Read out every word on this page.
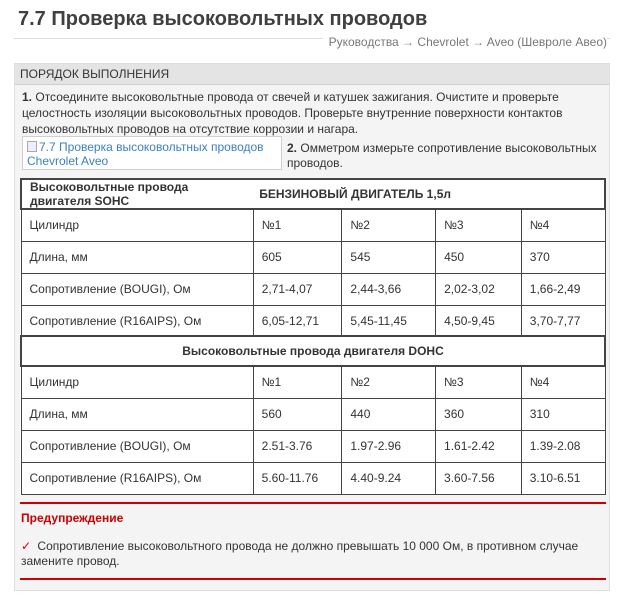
7.7 Проверка высоковольтных проводов
Руководства → Chevrolet → Aveo (Шевроле Авео)
ПОРЯДОК ВЫПОЛНЕНИЯ
1. Отсоедините высоковольтные провода от свечей и катушек зажигания. Очистите и проверьте целостность изоляции высоковольтных проводов. Проверьте внутренние поверхности контактов высоковольтных проводов на отсутствие коррозии и нагара.
7.7 Проверка высоковольтных проводов Chevrolet Aveo
2. Омметром измерьте сопротивление высоковольтных проводов.
Высоковольтные провода двигателя SOHC	БЕНЗИНОВЫЙ ДВИГАТЕЛЬ 1,5л			
Цилиндр	№1	№2	№3	№4
Длина, мм	605	545	450	370
Сопротивление (BOUGI), Ом	2,71-4,07	2,44-3,66	2,02-3,02	1,66-2,49
Сопротивление (R16AIPS), Ом	6,05-12,71	5,45-11,45	4,50-9,45	3,70-7,77
Высоковольтные провода двигателя DOHC				
Цилиндр	№1	№2	№3	№4
Длина, мм	560	440	360	310
Сопротивление (BOUGI), Ом	2.51-3.76	1.97-2.96	1.61-2.42	1.39-2.08
Сопротивление (R16AIPS), Ом	5.60-11.76	4.40-9.24	3.60-7.56	3.10-6.51
Предупреждение
✓ Сопротивление высоковольтного провода не должно превышать 10 000 Ом, в противном случае замените провод.
